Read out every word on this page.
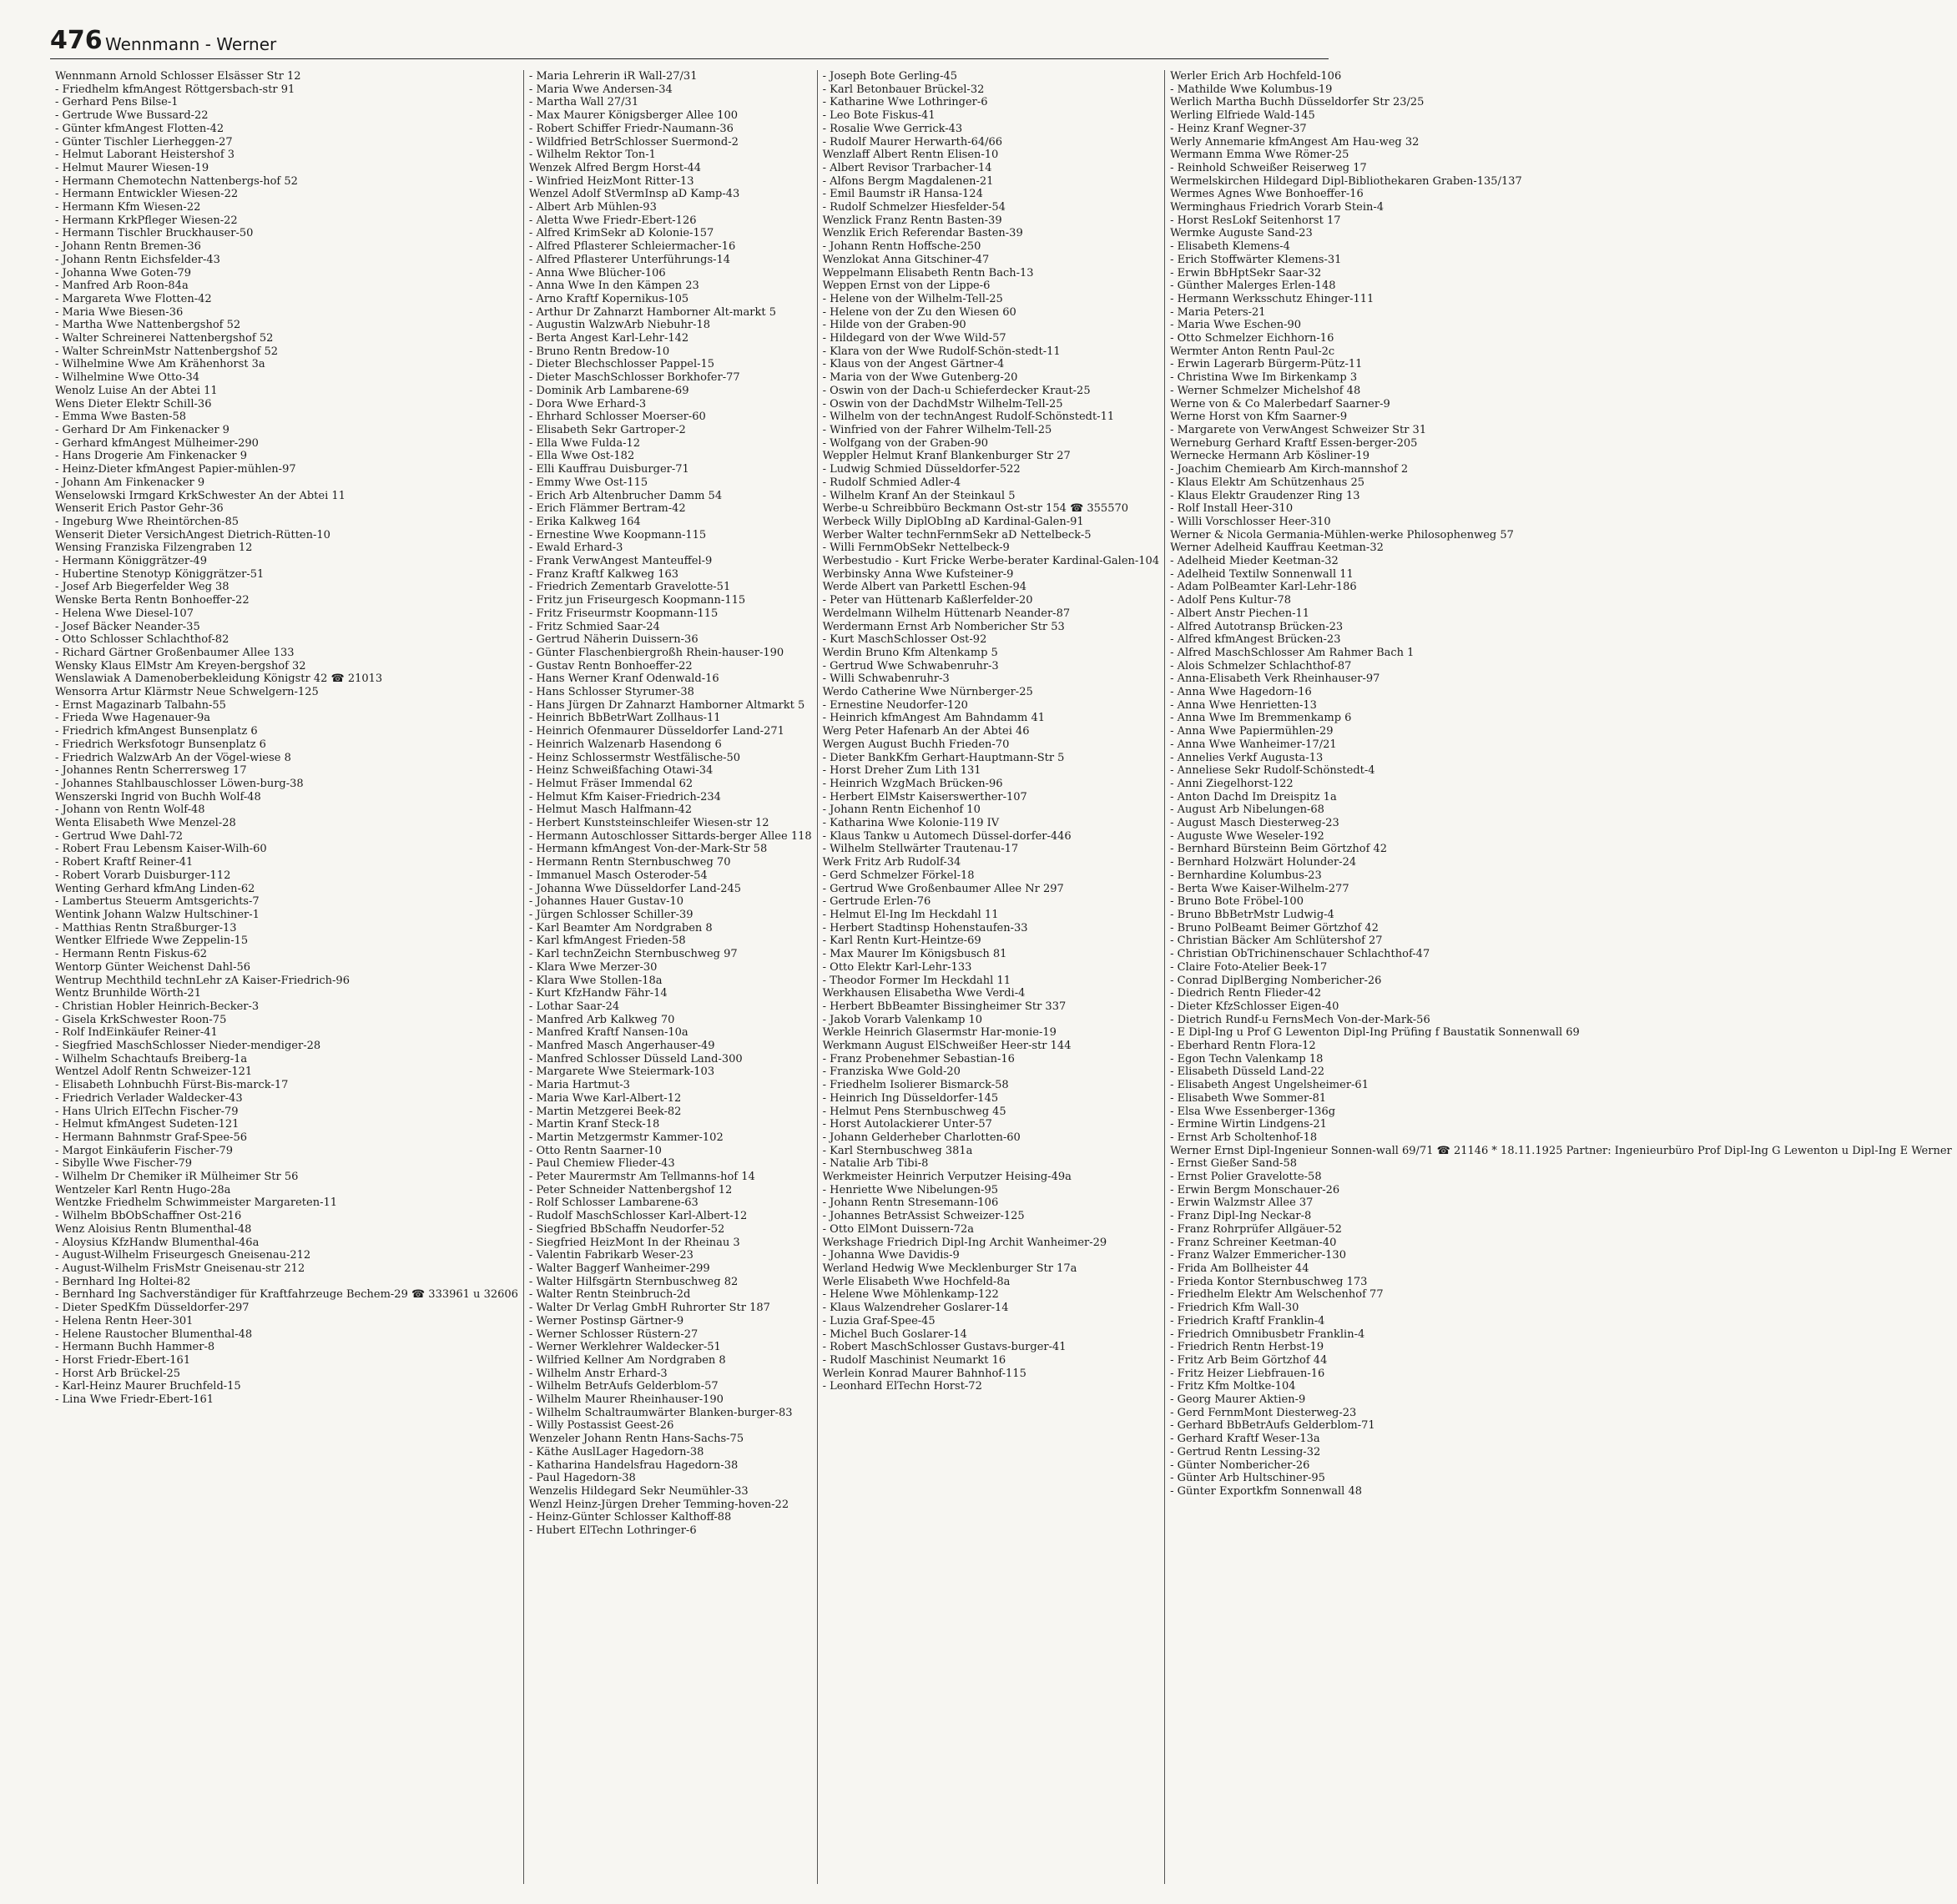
476 Wennmann - Werner
Wennmann Arnold Schlosser Elsässer Str 12
- Friedhelm kfmAngest Röttgersbach-str 91
- Gerhard Pens Bilse-1
- Gertrude Wwe Bussard-22
- Günter kfmAngest Flotten-42
- Günter Tischler Lierheggen-27
- Helmut Laborant Heistershof 3
- Helmut Maurer Wiesen-19
- Hermann Chemotechn Nattenbergs-hof 52
- Hermann Entwickler Wiesen-22
- Hermann Kfm Wiesen-22
- Hermann KrkPfleger Wiesen-22
- Hermann Tischler Bruckhauser-50
- Johann Rentn Bremen-36
- Johann Rentn Eichsfelder-43
- Johanna Wwe Goten-79
- Manfred Arb Roon-84a
- Margareta Wwe Flotten-42
- Maria Wwe Biesen-36
- Martha Wwe Nattenbergshof 52
- Walter Schreinerei Nattenbergshof 52
- Walter SchreinMstr Nattenbergshof 52
- Wilhelmine Wwe Am Krähenhorst 3a
- Wilhelmine Wwe Otto-34
Wenolz Luise An der Abtei 11
Wens Dieter Elektr Schill-36
- Emma Wwe Basten-58
- Gerhard Dr Am Finkenacker 9
- Gerhard kfmAngest Mülheimer-290
- Hans Drogerie Am Finkenacker 9
- Heinz-Dieter kfmAngest Papier-mühlen-97
- Johann Am Finkenacker 9
Wenselowski Irmgard KrkSchwester An der Abtei 11
Wenserit Erich Pastor Gehr-36
- Ingeburg Wwe Rheintörchen-85
Wenserit Dieter VersichAngest Dietrich-Rütten-10
Wensing Franziska Filzengraben 12
- Hermann Königgrätzer-49
- Hubertine Stenotyp Königgrätzer-51
- Josef Arb Biegerfelder Weg 38
Wenske Berta Rentn Bonhoeffer-22
- Helena Wwe Diesel-107
- Josef Bäcker Neander-35
- Otto Schlosser Schlachthof-82
- Richard Gärtner Großenbaumer Allee 133
Wensky Klaus ElMstr Am Kreyen-bergshof 32
Wenslawiak A Damenoberbekleidung Königstr 42 ☎ 21013
Wensorra Artur Klärmstr Neue Schwelgern-125
- Ernst Magazinarb Talbahn-55
- Frieda Wwe Hagenauer-9a
- Friedrich kfmAngest Bunsenplatz 6
- Friedrich Werksfotogr Bunsenplatz 6
- Friedrich WalzwArb An der Vögel-wiese 8
- Johannes Rentn Scherrersweg 17
- Johannes Stahlbauschlosser Löwen-burg-38
Wenszerski Ingrid von Buchh Wolf-48
- Johann von Rentn Wolf-48
Wenta Elisabeth Wwe Menzel-28
- Gertrud Wwe Dahl-72
- Robert Frau Lebensm Kaiser-Wilh-60
- Robert Kraftf Reiner-41
- Robert Vorarb Duisburger-112
Wenting Gerhard kfmAng Linden-62
- Lambertus Steuerm Amtsgerichts-7
Wentink Johann Walzw Hultschiner-1
- Matthias Rentn Straßburger-13
Wentker Elfriede Wwe Zeppelin-15
- Hermann Rentn Fiskus-62
Wentorp Günter Weichenst Dahl-56
Wentrup Mechthild technLehr zA Kaiser-Friedrich-96
Wentz Brunhilde Wörth-21
- Christian Hobler Heinrich-Becker-3
- Gisela KrkSchwester Roon-75
- Rolf IndEinkäufer Reiner-41
- Siegfried MaschSchlosser Nieder-mendiger-28
- Wilhelm Schachtaufs Breiberg-1a
Wentzel Adolf Rentn Schweizer-121
- Elisabeth Lohnbuchh Fürst-Bis-marck-17
- Friedrich Verlader Waldecker-43
- Hans Ulrich ElTechn Fischer-79
- Helmut kfmAngest Sudeten-121
- Hermann Bahnmstr Graf-Spee-56
- Margot Einkäuferin Fischer-79
- Sibylle Wwe Fischer-79
- Wilhelm Dr Chemiker iR Mülheimer Str 56
Wentzeler Karl Rentn Hugo-28a
Wentzke Friedhelm Schwimmeister Margareten-11
- Wilhelm BbObSchaffner Ost-216
Wenz Aloisius Rentn Blumenthal-48
- Aloysius KfzHandw Blumenthal-46a
- August-Wilhelm Friseurgesch Gneisenau-212
- August-Wilhelm FrisMstr Gneisenau-str 212
- Bernhard Ing Holtei-82
- Bernhard Ing Sachverständiger für Kraftfahrzeuge Bechem-29 ☎ 333961 u 32606
- Dieter SpedKfm Düsseldorfer-297
- Helena Rentn Heer-301
- Helene Raustocher Blumenthal-48
- Hermann Buchh Hammer-8
- Horst Friedr-Ebert-161
- Horst Arb Brückel-25
- Karl-Heinz Maurer Bruchfeld-15
- Lina Wwe Friedr-Ebert-161
- Maria Lehrerin iR Wall-27/31
- Maria Wwe Andersen-34
- Martha Wall 27/31
- Max Maurer Königsberger Allee 100
- Robert Schiffer Friedr-Naumann-36
- Wildfried BetrSchlosser Suermond-2
- Wilhelm Rektor Ton-1
Wenzek Alfred Bergm Horst-44
- Winfried HeizMont Ritter-13
Wenzel Adolf StVermInsp aD Kamp-43
- Albert Arb Mühlen-93
- Aletta Wwe Friedr-Ebert-126
- Alfred KrimSekr aD Kolonie-157
- Alfred Pflasterer Schleiermacher-16
- Alfred Pflasterer Unterführungs-14
- Anna Wwe Blücher-106
- Anna Wwe In den Kämpen 23
- Arno Kraftf Kopernikus-105
- Arthur Dr Zahnarzt Hamborner Alt-markt 5
- Augustin WalzwArb Niebuhr-18
- Berta Angest Karl-Lehr-142
- Bruno Rentn Bredow-10
- Dieter Blechschlosser Pappel-15
- Dieter MaschSchlosser Borkhofer-77
- Dominik Arb Lambarene-69
- Dora Wwe Erhard-3
- Ehrhard Schlosser Moerser-60
- Elisabeth Sekr Gartroper-2
- Ella Wwe Fulda-12
- Ella Wwe Ost-182
- Elli Kauffrau Duisburger-71
- Emmy Wwe Ost-115
- Erich Arb Altenbrucher Damm 54
- Erich Flämmer Bertram-42
- Erika Kalkweg 164
- Ernestine Wwe Koopmann-115
- Ewald Erhard-3
- Frank VerwAngest Manteuffel-9
- Franz Kraftf Kalkweg 163
- Friedrich Zementarb Gravelotte-51
- Fritz jun Friseurgesch Koopmann-115
- Fritz Friseurmstr Koopmann-115
- Fritz Schmied Saar-24
- Gertrud Näherin Duissern-36
- Günter Flaschenbiergroßh Rhein-hauser-190
- Gustav Rentn Bonhoeffer-22
- Hans Werner Kranf Odenwald-16
- Hans Schlosser Styrumer-38
- Hans Jürgen Dr Zahnarzt Hamborner Altmarkt 5
- Heinrich BbBetrWart Zollhaus-11
- Heinrich Ofenmaurer Düsseldorfer Land-271
- Heinrich Walzenarb Hasendong 6
- Heinz Schlossermstr Westfälische-50
- Heinz Schweißfaching Otawi-34
- Helmut Fräser Immendal 62
- Helmut Kfm Kaiser-Friedrich-234
- Helmut Masch Halfmann-42
- Herbert Kunststeinschleifer Wiesen-str 12
- Hermann Autoschlosser Sittards-berger Allee 118
- Hermann kfmAngest Von-der-Mark-Str 58
- Hermann Rentn Sternbuschweg 70
- Immanuel Masch Osteroder-54
- Johanna Wwe Düsseldorfer Land-245
- Johannes Hauer Gustav-10
- Jürgen Schlosser Schiller-39
- Karl Beamter Am Nordgraben 8
- Karl kfmAngest Frieden-58
- Karl technZeichn Sternbuschweg 97
- Klara Wwe Merzer-30
- Klara Wwe Stollen-18a
- Kurt KfzHandw Fähr-14
- Lothar Saar-24
- Manfred Arb Kalkweg 70
- Manfred Kraftf Nansen-10a
- Manfred Masch Angerhauser-49
- Manfred Schlosser Düsseld Land-300
- Margarete Wwe Steiermark-103
- Maria Hartmut-3
- Maria Wwe Karl-Albert-12
- Martin Metzgerei Beek-82
- Martin Kranf Steck-18
- Martin Metzgermstr Kammer-102
- Otto Rentn Saarner-10
- Paul Chemiew Flieder-43
- Peter Maurermstr Am Tellmanns-hof 14
- Peter Schneider Nattenbergshof 12
- Rolf Schlosser Lambarene-63
- Rudolf MaschSchlosser Karl-Albert-12
- Siegfried BbSchaffn Neudorfer-52
- Siegfried HeizMont In der Rheinau 3
- Valentin Fabrikarb Weser-23
- Walter Baggerf Wanheimer-299
- Walter Hilfsgärtn Sternbuschweg 82
- Walter Rentn Steinbruch-2d
- Walter Dr Verlag GmbH Ruhrorter Str 187
- Werner Postinsp Gärtner-9
- Werner Schlosser Rüstern-27
- Werner Werklehrer Waldecker-51
- Wilfried Kellner Am Nordgraben 8
- Wilhelm Anstr Erhard-3
- Wilhelm BetrAufs Gelderblom-57
- Wilhelm Maurer Rheinhauser-190
- Wilhelm Schaltraumwärter Blanken-burger-83
- Willy Postassist Geest-26
Wenzeler Johann Rentn Hans-Sachs-75
- Käthe AuslLager Hagedorn-38
- Katharina Handelsfrau Hagedorn-38
- Paul Hagedorn-38
Wenzelis Hildegard Sekr Neumühler-33
Wenzl Heinz-Jürgen Dreher Temming-hoven-22
- Heinz-Günter Schlosser Kalthoff-88
- Hubert ElTechn Lothringer-6
- Joseph Bote Gerling-45
- Karl Betonbauer Brückel-32
- Katharine Wwe Lothringer-6
- Leo Bote Fiskus-41
- Rosalie Wwe Gerrick-43
- Rudolf Maurer Herwarth-64/66
Wenzlaff Albert Rentn Elisen-10
- Albert Revisor Trarbacher-14
- Alfons Bergm Magdalenen-21
- Emil Baumstr iR Hansa-124
- Rudolf Schmelzer Hiesfelder-54
Wenzlick Franz Rentn Basten-39
Wenzlik Erich Referendar Basten-39
- Johann Rentn Hoffsche-250
Wenzlokat Anna Gitschiner-47
Weppelmann Elisabeth Rentn Bach-13
Weppen Ernst von der Lippe-6
- Helene von der Wilhelm-Tell-25
- Helene von der Zu den Wiesen 60
- Hilde von der Graben-90
- Hildegard von der Wwe Wild-57
- Klara von der Wwe Rudolf-Schön-stedt-11
- Klaus von der Angest Gärtner-4
- Maria von der Wwe Gutenberg-20
- Oswin von der Dach-u Schieferdecker Kraut-25
- Oswin von der DachdMstr Wilhelm-Tell-25
- Wilhelm von der technAngest Rudolf-Schönstedt-11
- Winfried von der Fahrer Wilhelm-Tell-25
- Wolfgang von der Graben-90
Weppler Helmut Kranf Blankenburger Str 27
- Ludwig Schmied Düsseldorfer-522
- Rudolf Schmied Adler-4
- Wilhelm Kranf An der Steinkaul 5
Werbe-u Schreibbüro Beckmann Ost-str 154 ☎ 355570
Werbeck Willy DiplObIng aD Kardinal-Galen-91
Werber Walter technFernmSekr aD Nettelbeck-5
- Willi FernmObSekr Nettelbeck-9
Werbestudio - Kurt Fricke Werbe-berater Kardinal-Galen-104
Werbinsky Anna Wwe Kufsteiner-9
Werde Albert van Parkettl Eschen-94
- Peter van Hüttenarb Kaßlerfelder-20
Werdelmann Wilhelm Hüttenarb Neander-87
Werdermann Ernst Arb Nombericher Str 53
- Kurt MaschSchlosser Ost-92
Werdin Bruno Kfm Altenkamp 5
- Gertrud Wwe Schwabenruhr-3
- Willi Schwabenruhr-3
Werdo Catherine Wwe Nürnberger-25
- Ernestine Neudorfer-120
- Heinrich kfmAngest Am Bahndamm 41
Werg Peter Hafenarb An der Abtei 46
Wergen August Buchh Frieden-70
- Dieter BankKfm Gerhart-Hauptmann-Str 5
- Horst Dreher Zum Lith 131
- Heinrich WzgMach Brücken-96
- Herbert ElMstr Kaiserswerther-107
- Johann Rentn Eichenhof 10
- Katharina Wwe Kolonie-119 IV
- Klaus Tankw u Automech Düssel-dorfer-446
- Wilhelm Stellwärter Trautenau-17
Werk Fritz Arb Rudolf-34
- Gerd Schmelzer Förkel-18
- Gertrud Wwe Großenbaumer Allee Nr 297
- Gertrude Erlen-76
- Helmut El-Ing Im Heckdahl 11
- Herbert Stadtinsp Hohenstaufen-33
- Karl Rentn Kurt-Heintze-69
- Max Maurer Im Königsbusch 81
- Otto Elektr Karl-Lehr-133
- Theodor Former Im Heckdahl 11
Werkhausen Elisabetha Wwe Verdi-4
- Herbert BbBeamter Bissingheimer Str 337
- Jakob Vorarb Valenkamp 10
Werkle Heinrich Glasermstr Har-monie-19
Werkmann August ElSchweißer Heer-str 144
- Franz Probenehmer Sebastian-16
- Franziska Wwe Gold-20
- Friedhelm Isolierer Bismarck-58
- Heinrich Ing Düsseldorfer-145
- Helmut Pens Sternbuschweg 45
- Horst Autolackierer Unter-57
- Johann Gelderheber Charlotten-60
- Karl Sternbuschweg 381a
- Natalie Arb Tibi-8
Werkmeister Heinrich Verputzer Heising-49a
- Henriette Wwe Nibelungen-95
- Johann Rentn Stresemann-106
- Johannes BetrAssist Schweizer-125
- Otto ElMont Duissern-72a
Werkshage Friedrich Dipl-Ing Archit Wanheimer-29
- Johanna Wwe Davidis-9
Werland Hedwig Wwe Mecklenburger Str 17a
Werle Elisabeth Wwe Hochfeld-8a
- Helene Wwe Möhlenkamp-122
- Klaus Walzendreher Goslarer-14
- Luzia Graf-Spee-45
- Michel Buch Goslarer-14
- Robert MaschSchlosser Gustavs-burger-41
- Rudolf Maschinist Neumarkt 16
Werlein Konrad Maurer Bahnhof-115
- Leonhard ElTechn Horst-72
Werler Erich Arb Hochfeld-106
- Mathilde Wwe Kolumbus-19
Werlich Martha Buchh Düsseldorfer Str 23/25
Werling Elfriede Wald-145
- Heinz Kranf Wegner-37
Werly Annemarie kfmAngest Am Hau-weg 32
Wermann Emma Wwe Römer-25
- Reinhold Schweißer Reiserweg 17
Wermelskirchen Hildegard Dipl-Bibliothekaren Graben-135/137
Wermes Agnes Wwe Bonhoeffer-16
Werminghaus Friedrich Vorarb Stein-4
- Horst ResLokf Seitenhorst 17
Wermke Auguste Sand-23
- Elisabeth Klemens-4
- Erich Stoffwärter Klemens-31
- Erwin BbHptSekr Saar-32
- Günther Malerges Erlen-148
- Hermann Werksschutz Ehinger-111
- Maria Peters-21
- Maria Wwe Eschen-90
- Otto Schmelzer Eichhorn-16
Wermter Anton Rentn Paul-2c
- Erwin Lagerarb Bürgerm-Pütz-11
- Christina Wwe Im Birkenkamp 3
- Werner Schmelzer Michelshof 48
Werne von & Co Malerbedarf Saarner-9
Werne Horst von Kfm Saarner-9
- Margarete von VerwAngest Schweizer Str 31
Werneburg Gerhard Kraftf Essen-berger-205
Wernecke Hermann Arb Kösliner-19
- Joachim Chemiearb Am Kirch-mannshof 2
- Klaus Elektr Am Schützenhaus 25
- Klaus Elektr Graudenzer Ring 13
- Rolf Install Heer-310
- Willi Vorschlosser Heer-310
Werner & Nicola Germania-Mühlen-werke Philosophenweg 57
Werner Adelheid Kauffrau Keetman-32
- Adelheid Mieder Keetman-32
- Adelheid Textilw Sonnenwall 11
- Adam PolBeamter Karl-Lehr-186
- Adolf Pens Kultur-78
- Albert Anstr Piechen-11
- Alfred Autotransp Brücken-23
- Alfred kfmAngest Brücken-23
- Alfred MaschSchlosser Am Rahmer Bach 1
- Alois Schmelzer Schlachthof-87
- Anna-Elisabeth Verk Rheinhauser-97
- Anna Wwe Hagedorn-16
- Anna Wwe Henrietten-13
- Anna Wwe Im Bremmenkamp 6
- Anna Wwe Papiermühlen-29
- Anna Wwe Wanheimer-17/21
- Annelies Verkf Augusta-13
- Anneliese Sekr Rudolf-Schönstedt-4
- Anni Ziegelhorst-122
- Anton Dachd Im Dreispitz 1a
- August Arb Nibelungen-68
- August Masch Diesterweg-23
- Auguste Wwe Weseler-192
- Bernhard Bürsteinn Beim Görtzhof 42
- Bernhard Holzwärt Holunder-24
- Bernhardine Kolumbus-23
- Berta Wwe Kaiser-Wilhelm-277
- Bruno Bote Fröbel-100
- Bruno BbBetrMstr Ludwig-4
- Bruno PolBeamt Beimer Görtzhof 42
- Christian Bäcker Am Schlütershof 27
- Christian ObTrichinenschauer Schlachthof-47
- Claire Foto-Atelier Beek-17
- Conrad DiplBerging Nombericher-26
- Diedrich Rentn Flieder-42
- Dieter KfzSchlosser Eigen-40
- Dietrich Rundf-u FernsMech Von-der-Mark-56
- E Dipl-Ing u Prof G Lewenton Dipl-Ing Prüfing f Baustatik Sonnenwall 69
- Eberhard Rentn Flora-12
- Egon Techn Valenkamp 18
- Elisabeth Düsseld Land-22
- Elisabeth Angest Ungelsheimer-61
- Elisabeth Wwe Sommer-81
- Elsa Wwe Essenberger-136g
- Ermine Wirtin Lindgens-21
- Ernst Arb Scholtenhof-18
Werner Ernst Dipl-Ingenieur Sonnen-wall 69/71 ☎ 21146 * 18.11.1925 Partner: Ingenieurbüro Prof Dipl-Ing G Lewenton u Dipl-Ing E Werner
- Ernst Gießer Sand-58
- Ernst Polier Gravelotte-58
- Erwin Bergm Monschauer-26
- Erwin Walzmstr Allee 37
- Franz Dipl-Ing Neckar-8
- Franz Rohrprüfer Allgäuer-52
- Franz Schreiner Keetman-40
- Franz Walzer Emmericher-130
- Frida Am Bollheister 44
- Frieda Kontor Sternbuschweg 173
- Friedhelm Elektr Am Welschenhof 77
- Friedrich Kfm Wall-30
- Friedrich Kraftf Franklin-4
- Friedrich Omnibusbetr Franklin-4
- Friedrich Rentn Herbst-19
- Fritz Arb Beim Görtzhof 44
- Fritz Heizer Liebfrauen-16
- Fritz Kfm Moltke-104
- Georg Maurer Aktien-9
- Gerd FernmMont Diesterweg-23
- Gerhard BbBetrAufs Gelderblom-71
- Gerhard Kraftf Weser-13a
- Gertrud Rentn Lessing-32
- Günter Nombericher-26
- Günter Arb Hultschiner-95
- Günter Exportkfm Sonnenwall 48
